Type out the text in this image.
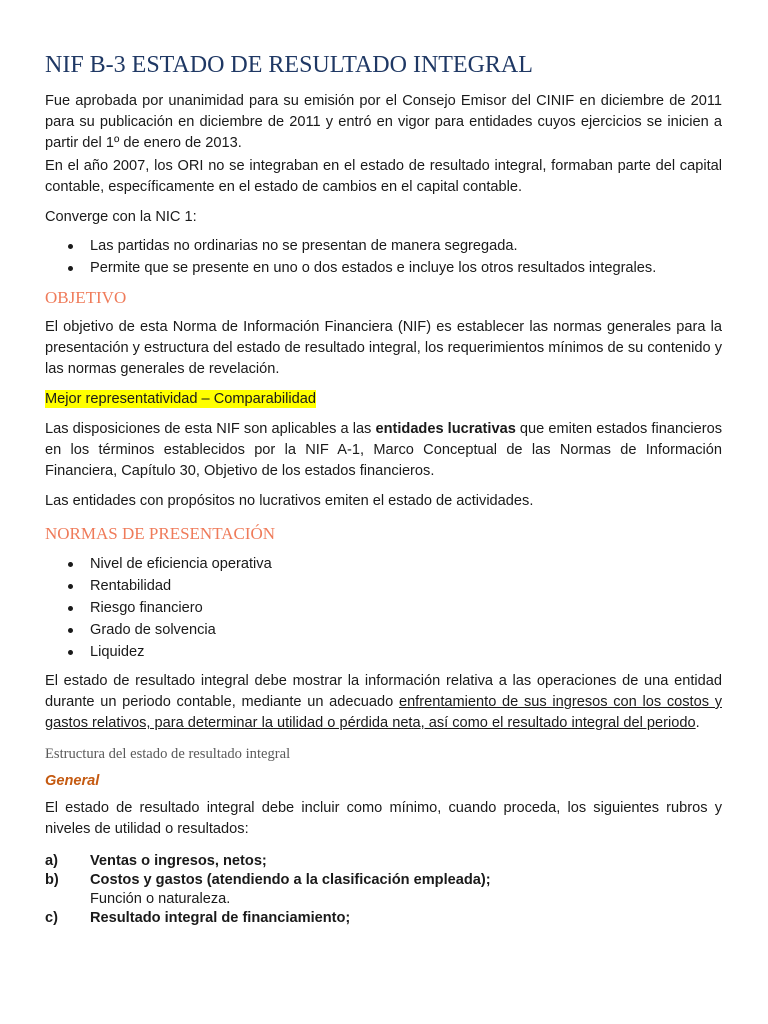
NIF B-3 ESTADO DE RESULTADO INTEGRAL

Fue aprobada por unanimidad para su emisión por el Consejo Emisor del CINIF en diciembre de 2011 para su publicación en diciembre de 2011 y entró en vigor para entidades cuyos ejercicios se inicien a partir del 1º de enero de 2013.

En el año 2007, los ORI no se integraban en el estado de resultado integral, formaban parte del capital contable, específicamente en el estado de cambios en el capital contable.

Converge con la NIC 1:

Las partidas no ordinarias no se presentan de manera segregada.
Permite que se presente en uno o dos estados e incluye los otros resultados integrales.
OBJETIVO

El objetivo de esta Norma de Información Financiera (NIF) es establecer las normas generales para la presentación y estructura del estado de resultado integral, los requerimientos mínimos de su contenido y las normas generales de revelación.

Mejor representatividad – Comparabilidad

Las disposiciones de esta NIF son aplicables a las entidades lucrativas que emiten estados financieros en los términos establecidos por la NIF A-1, Marco Conceptual de las Normas de Información Financiera, Capítulo 30, Objetivo de los estados financieros.

Las entidades con propósitos no lucrativos emiten el estado de actividades.

NORMAS DE PRESENTACIÓN
Nivel de eficiencia operativa
Rentabilidad
Riesgo financiero
Grado de solvencia
Liquidez

El estado de resultado integral debe mostrar la información relativa a las operaciones de una entidad durante un periodo contable, mediante un adecuado enfrentamiento de sus ingresos con los costos y gastos relativos, para determinar la utilidad o pérdida neta, así como el resultado integral del periodo.

Estructura del estado de resultado integral
General

El estado de resultado integral debe incluir como mínimo, cuando proceda, los siguientes rubros y niveles de utilidad o resultados:

a) Ventas o ingresos, netos;
b) Costos y gastos (atendiendo a la clasificación empleada);
Función o naturaleza.
c) Resultado integral de financiamiento;
